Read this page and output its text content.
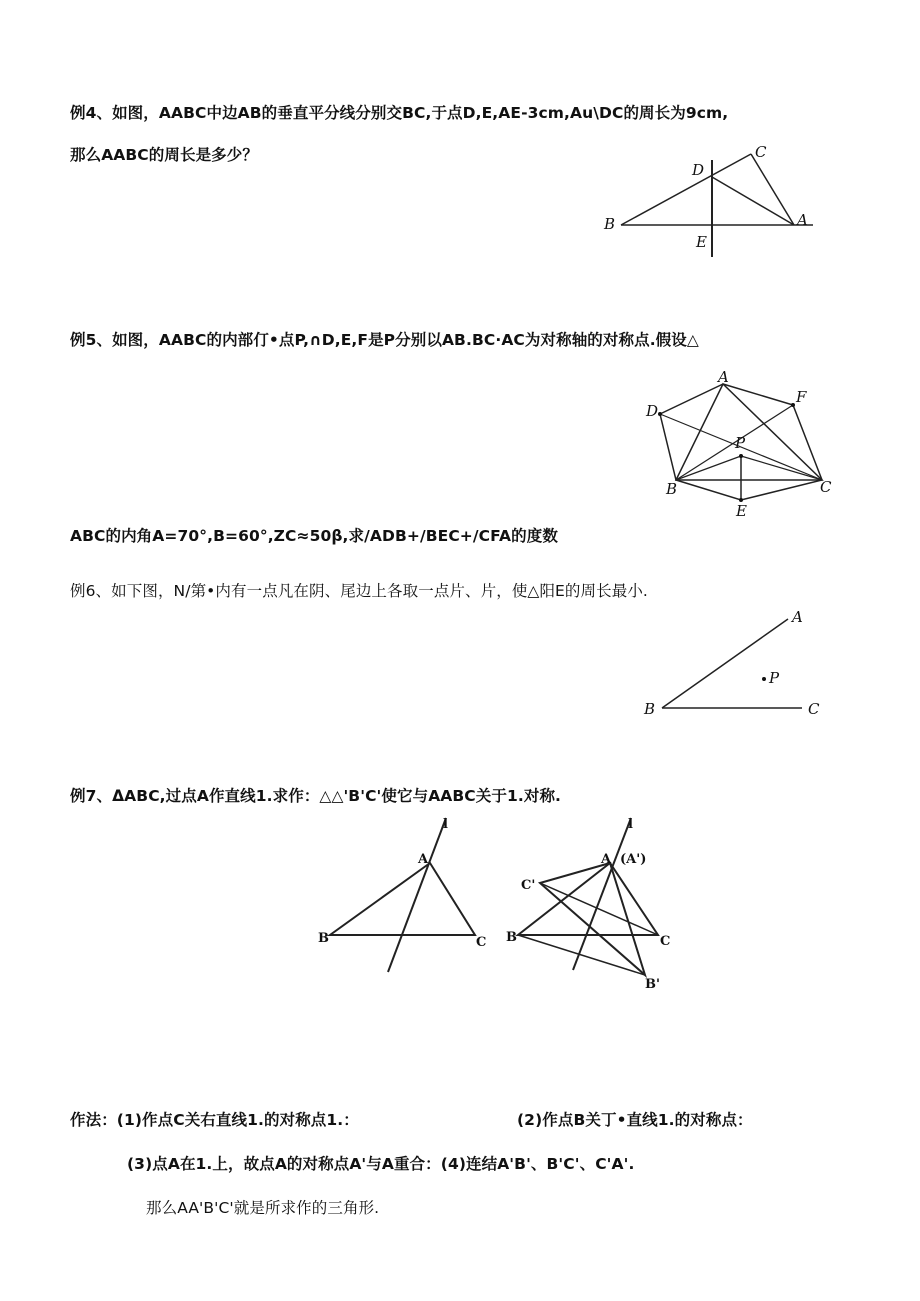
例4、如图，AABC中边AB的垂直平分线分别交BC,于点D,E,AE-3cm,Au\DC的周长为9cm,
那么AABC的周长是多少？
D
C
B	A
E
例5、如图，AABC的内部仃•点P,∩D,E,F是P分别以AB.BC·AC为对称轴的对称点.假设△
A
D
F
P
B	C
E
ABC的内角A=70°,B=60°,ZC≈50β,求/ADB+/BEC+/CFA的度数
例6、如下图，N/第•内有一点凡在阴、尾边上各取一点片、片，使△阳E的周长最小.
A
P
B	C
例7、ΔABC,过点A作直线1.求作：△△'B'C'使它与AABC关于1.对称.
l
A
B	C
l
A (A')
C'
B	C
B'
作法：(1)作点C关右直线1.的对称点1.：	(2)作点B关丁•直线1.的对称点：
(3)点A在1.上，故点A的对称点A'与A重合：(4)连结A'B'、B'C'、C'A'.
那么AA'B'C'就是所求作的三角形.
